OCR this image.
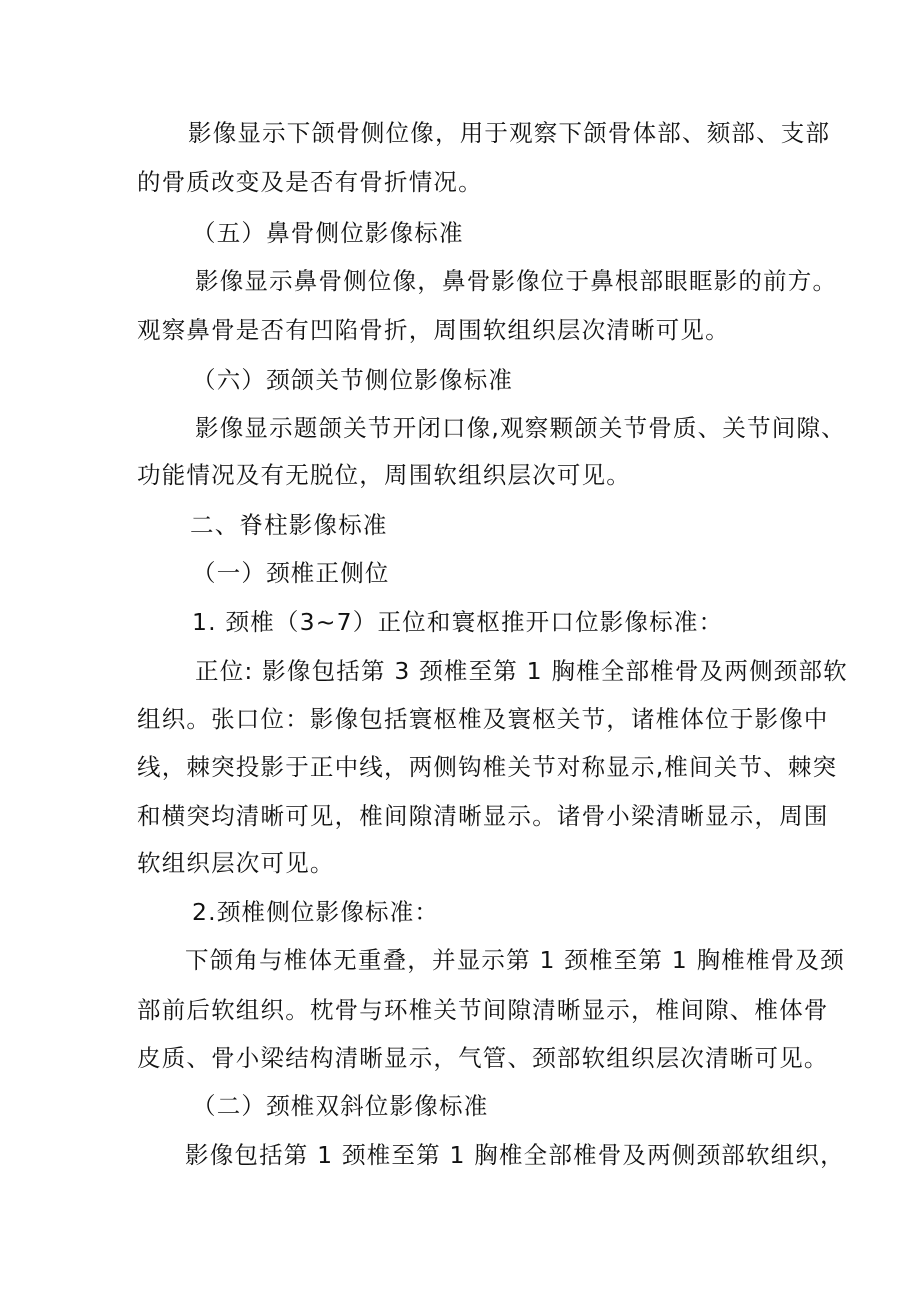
影像显示下颌骨侧位像，用于观察下颌骨体部、颏部、支部
的骨质改变及是否有骨折情况。
（五）鼻骨侧位影像标准
影像显示鼻骨侧位像，鼻骨影像位于鼻根部眼眶影的前方。
观察鼻骨是否有凹陷骨折，周围软组织层次清晰可见。
（六）颈颌关节侧位影像标准
影像显示题颌关节开闭口像,观察颗颌关节骨质、关节间隙、
功能情况及有无脱位，周围软组织层次可见。
二、脊柱影像标准
（一）颈椎正侧位
1. 颈椎（3~7）正位和寰枢推开口位影像标准：
正位: 影像包括第 3 颈椎至第 1 胸椎全部椎骨及两侧颈部软
组织。张口位：影像包括寰枢椎及寰枢关节，诸椎体位于影像中
线，棘突投影于正中线，两侧钩椎关节对称显示,椎间关节、棘突
和横突均清晰可见，椎间隙清晰显示。诸骨小梁清晰显示，周围
软组织层次可见。
2.颈椎侧位影像标准：
下颌角与椎体无重叠，并显示第 1 颈椎至第 1 胸椎椎骨及颈
部前后软组织。枕骨与环椎关节间隙清晰显示，椎间隙、椎体骨
皮质、骨小梁结构清晰显示，气管、颈部软组织层次清晰可见。
（二）颈椎双斜位影像标准
影像包括第 1 颈椎至第 1 胸椎全部椎骨及两侧颈部软组织，
